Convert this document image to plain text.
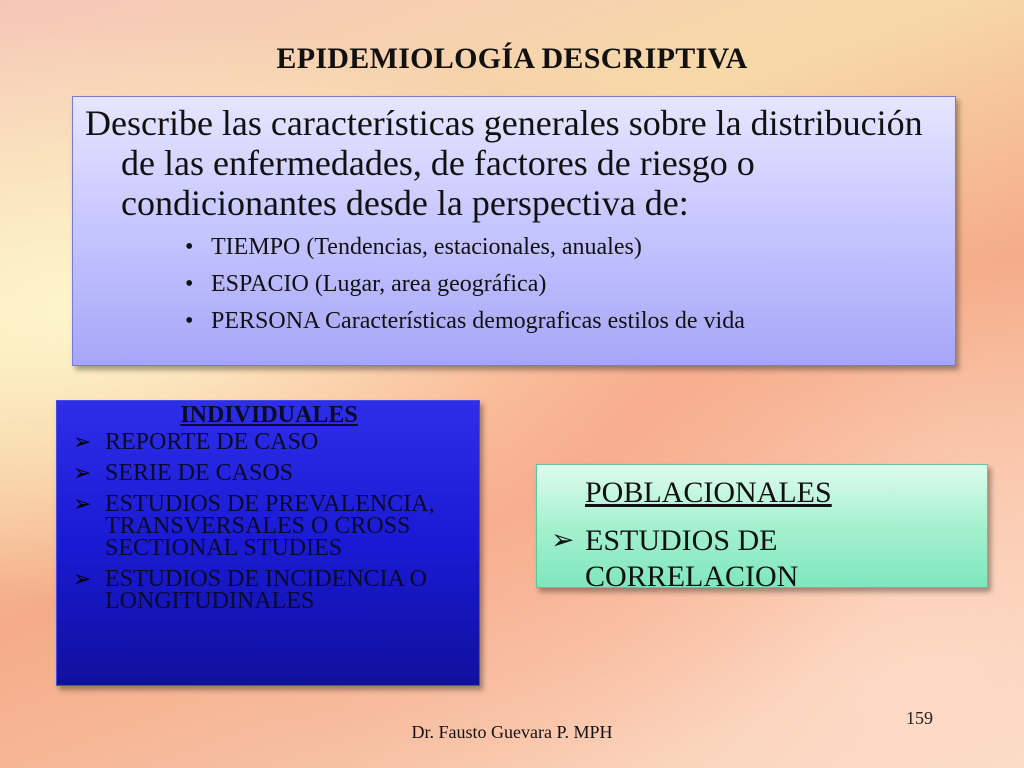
EPIDEMIOLOGÍA DESCRIPTIVA

Describe las características generales sobre la distribución de las enfermedades, de factores de riesgo o condicionantes desde la perspectiva de:

• TIEMPO (Tendencias, estacionales, anuales)
• ESPACIO (Lugar, area geográfica)
• PERSONA Características demograficas estilos de vida

INDIVIDUALES

➢ REPORTE DE CASO
➢ SERIE DE CASOS
➢ ESTUDIOS DE PREVALENCIA, TRANSVERSALES O CROSS SECTIONAL STUDIES
➢ ESTUDIOS DE INCIDENCIA O LONGITUDINALES

POBLACIONALES

➢ ESTUDIOS DE CORRELACION
Dr. Fausto Guevara P. MPH
159
